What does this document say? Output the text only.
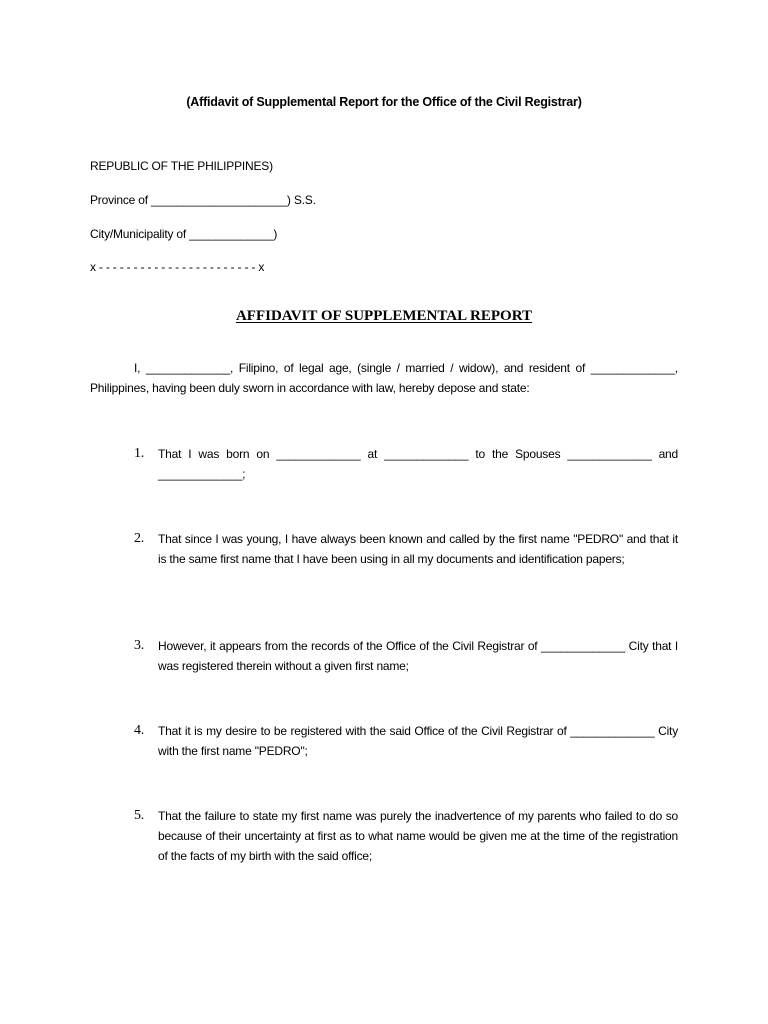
(Affidavit of Supplemental Report for the Office of the Civil Registrar)
REPUBLIC OF THE PHILIPPINES)
Province of _____________________) S.S.
City/Municipality of _____________)
x - - - - - - - - - - - - - - - - - - - - - - - x
AFFIDAVIT OF SUPPLEMENTAL REPORT
I, _____________, Filipino, of legal age, (single / married / widow), and resident of _____________, Philippines, having been duly sworn in accordance with law, hereby depose and state:
1. That I was born on _____________ at _____________ to the Spouses _____________ and _____________;
2. That since I was young, I have always been known and called by the first name "PEDRO" and that it is the same first name that I have been using in all my documents and identification papers;
3. However, it appears from the records of the Office of the Civil Registrar of _____________ City that I was registered therein without a given first name;
4. That it is my desire to be registered with the said Office of the Civil Registrar of _____________ City with the first name "PEDRO";
5. That the failure to state my first name was purely the inadvertence of my parents who failed to do so because of their uncertainty at first as to what name would be given me at the time of the registration of the facts of my birth with the said office;
